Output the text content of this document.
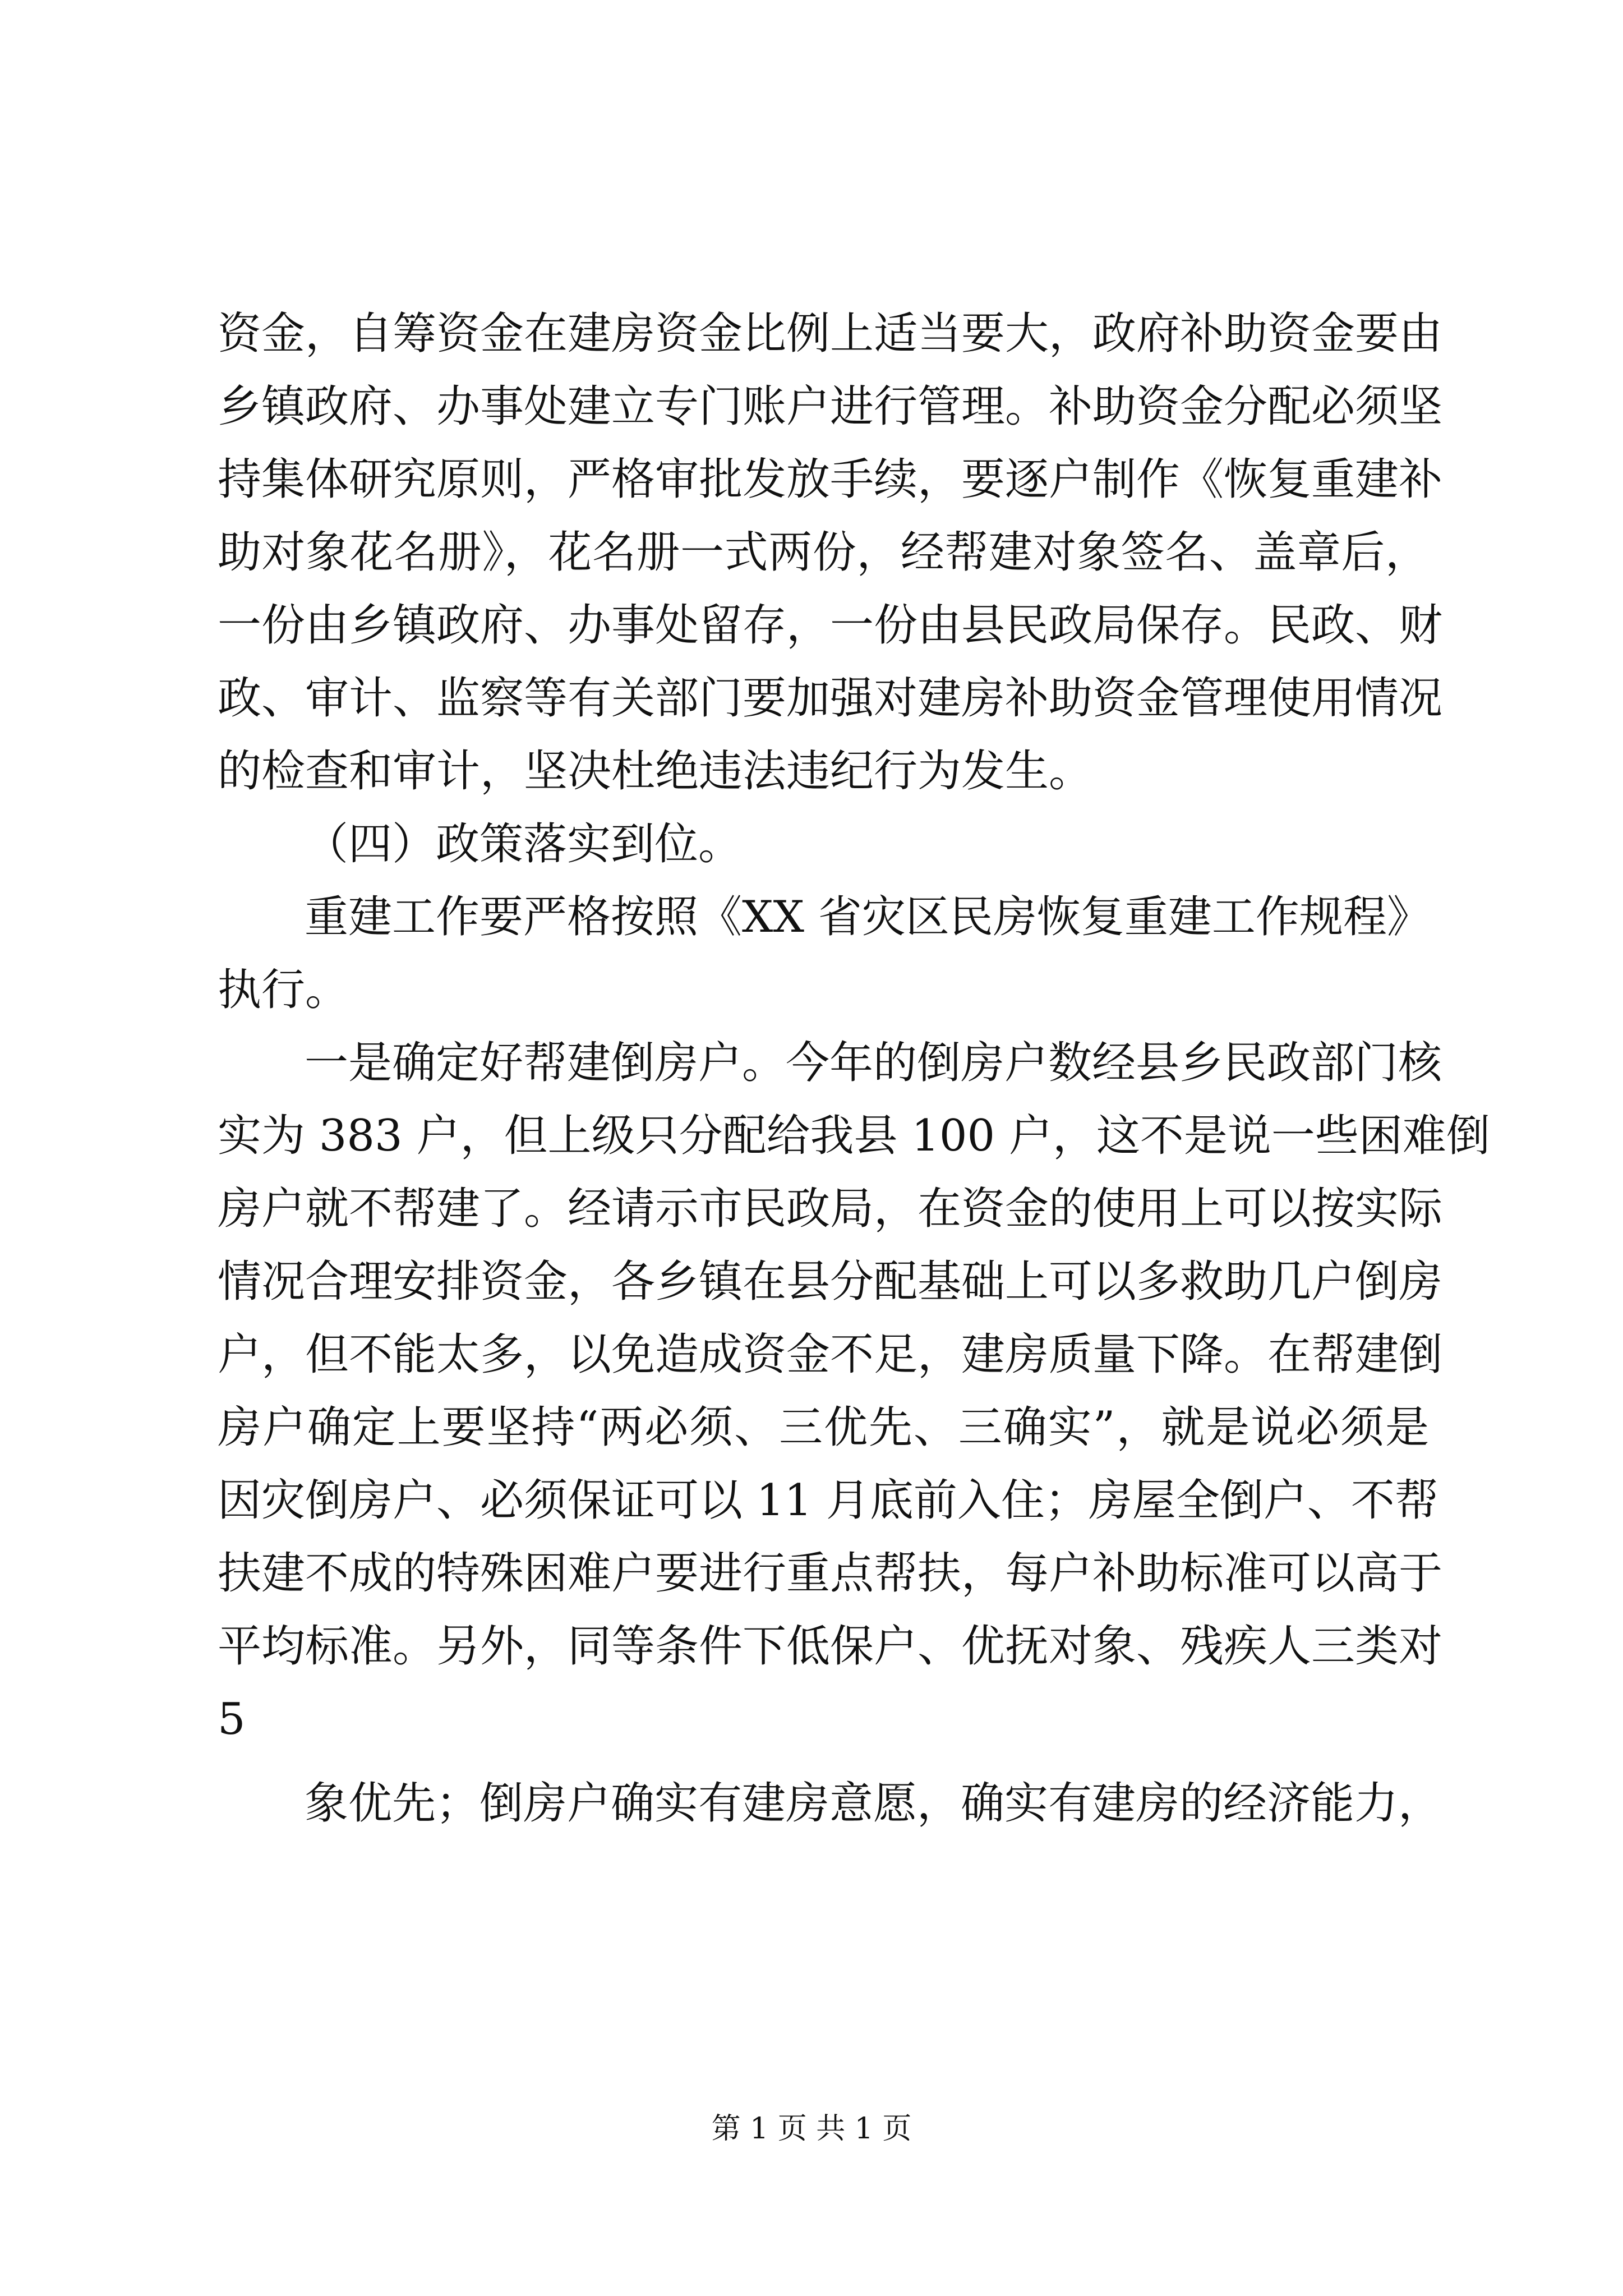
资金，自筹资金在建房资金比例上适当要大，政府补助资金要由
乡镇政府、办事处建立专门账户进行管理。补助资金分配必须坚
持集体研究原则，严格审批发放手续，要逐户制作《恢复重建补
助对象花名册》，花名册一式两份，经帮建对象签名、盖章后，
一份由乡镇政府、办事处留存，一份由县民政局保存。民政、财
政、审计、监察等有关部门要加强对建房补助资金管理使用情况
的检查和审计，坚决杜绝违法违纪行为发生。
（四）政策落实到位。
重建工作要严格按照《XX 省灾区民房恢复重建工作规程》
执行。
一是确定好帮建倒房户。今年的倒房户数经县乡民政部门核
实为 383 户，但上级只分配给我县 100 户，这不是说一些困难倒
房户就不帮建了。经请示市民政局，在资金的使用上可以按实际
情况合理安排资金，各乡镇在县分配基础上可以多救助几户倒房
户，但不能太多，以免造成资金不足，建房质量下降。在帮建倒
房户确定上要坚持“两必须、三优先、三确实”，就是说必须是
因灾倒房户、必须保证可以 11 月底前入住；房屋全倒户、不帮
扶建不成的特殊困难户要进行重点帮扶，每户补助标准可以高于
平均标准。另外，同等条件下低保户、优抚对象、残疾人三类对
5
象优先；倒房户确实有建房意愿，确实有建房的经济能力，
第 1 页 共 1 页
